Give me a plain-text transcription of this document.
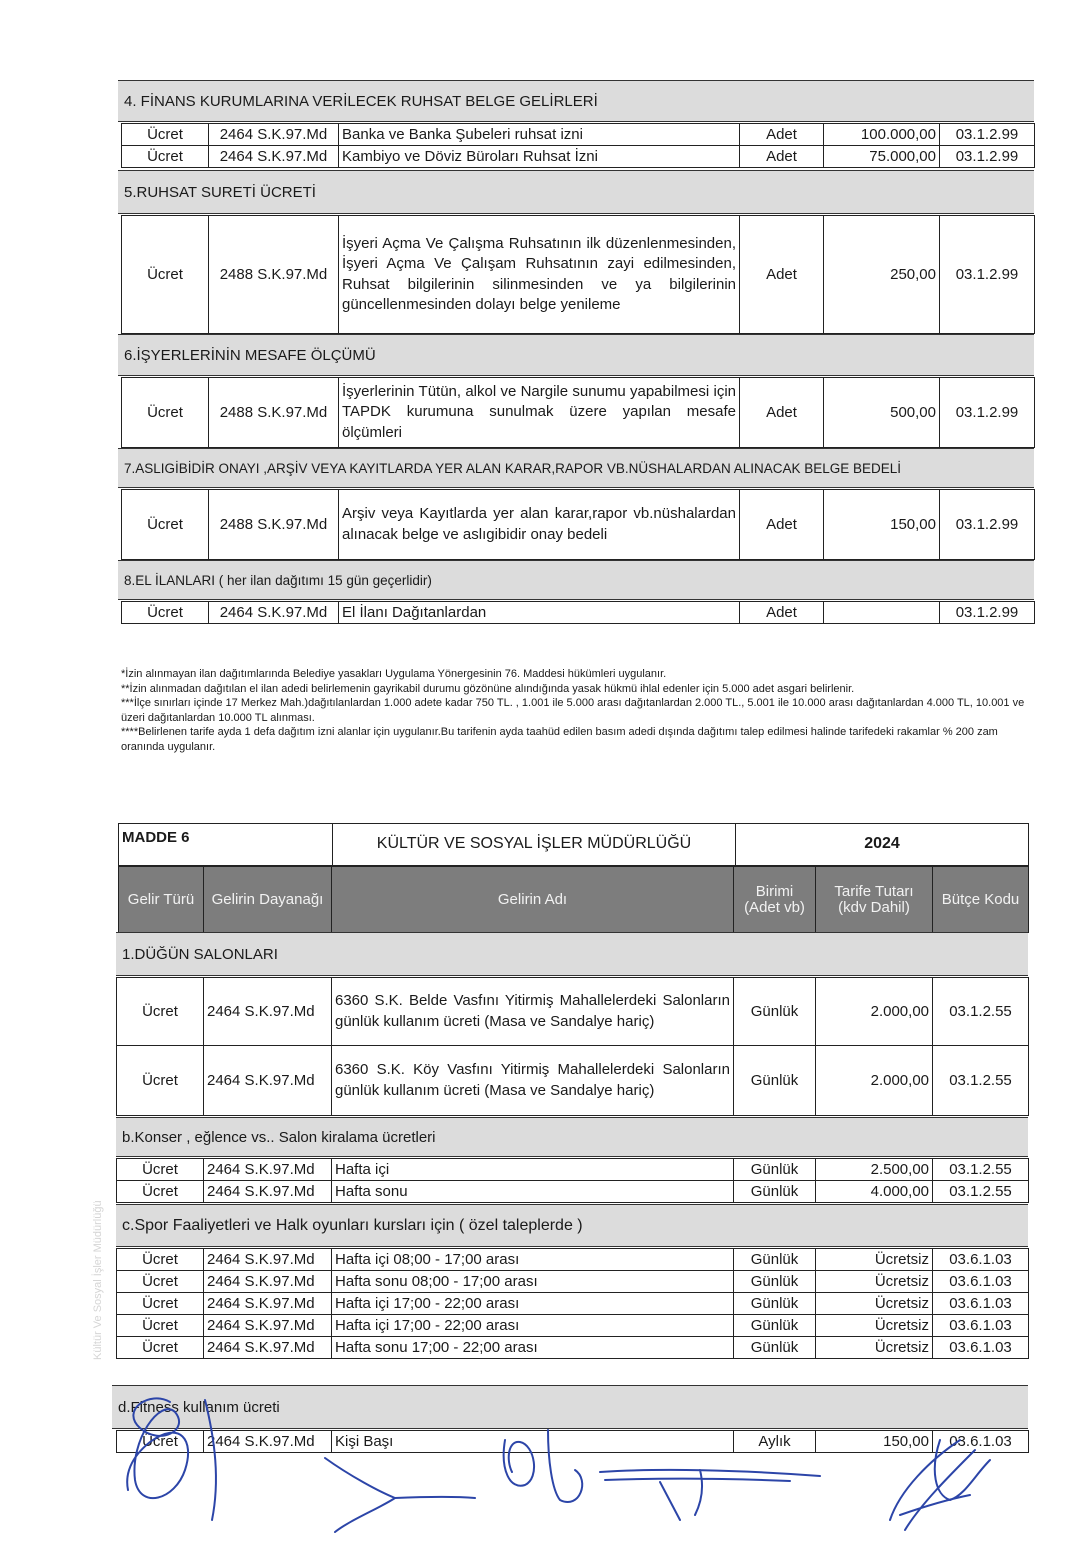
4. FİNANS KURUMLARINA VERİLECEK RUHSAT BELGE GELİRLERİ
Ücret	2464 S.K.97.Md	Banka ve Banka Şubeleri ruhsat izni	Adet	100.000,00	03.1.2.99
Ücret	2464 S.K.97.Md	Kambiyo ve Döviz Büroları Ruhsat İzni	Adet	75.000,00	03.1.2.99
5.RUHSAT SURETİ ÜCRETİ
Ücret	2488 S.K.97.Md	İşyeri Açma Ve Çalışma Ruhsatının ilk düzenlenmesinden, İşyeri Açma Ve Çalışam Ruhsatının zayi edilmesinden, Ruhsat bilgilerinin silinmesinden ve ya bilgilerinin güncellenmesinden dolayı belge yenileme	Adet	250,00	03.1.2.99
6.İŞYERLERİNİN MESAFE ÖLÇÜMÜ
Ücret	2488 S.K.97.Md	İşyerlerinin Tütün, alkol ve Nargile sunumu yapabilmesi için TAPDK kurumuna sunulmak üzere yapılan mesafe ölçümleri	Adet	500,00	03.1.2.99
7.ASLIGİBİDİR ONAYI ,ARŞİV VEYA KAYITLARDA YER ALAN KARAR,RAPOR VB.NÜSHALARDAN ALINACAK BELGE BEDELİ
Ücret	2488 S.K.97.Md	Arşiv veya Kayıtlarda yer alan karar,rapor vb.nüshalardan alınacak belge ve aslıgibidir onay bedeli	Adet	150,00	03.1.2.99
8.EL İLANLARI ( her ilan dağıtımı 15 gün geçerlidir)
Ücret	2464 S.K.97.Md	El İlanı Dağıtanlardan	Adet		03.1.2.99

*İzin alınmayan ilan dağıtımlarında Belediye yasakları Uygulama Yönergesinin 76. Maddesi hükümleri uygulanır.

**İzin alınmadan dağıtılan el ilan adedi belirlemenin gayrikabil durumu gözönüne alındığında yasak hükmü ihlal edenler için 5.000 adet asgari belirlenir.

***İlçe sınırları içinde 17 Merkez Mah.)dağıtılanlardan 1.000 adete kadar 750 TL. , 1.001 ile 5.000 arası dağıtanlardan 2.000 TL., 5.001 ile 10.000 arası dağıtanlardan 4.000 TL, 10.001 ve üzeri dağıtanlardan 10.000 TL alınması.

****Belirlenen tarife ayda 1 defa dağıtım izni alanlar için uygulanır.Bu tarifenin ayda taahüd edilen basım adedi dışında dağıtımı talep edilmesi halinde tarifedeki rakamlar % 200 zam oranında uygulanır.

MADDE 6	KÜLTÜR VE SOSYAL İŞLER MÜDÜRLÜĞÜ	2024
Gelir Türü	Gelirin Dayanağı	Gelirin Adı	Birimi (Adet vb)	Tarife Tutarı (kdv Dahil)	Bütçe Kodu
1.DÜĞÜN SALONLARI
Ücret	2464 S.K.97.Md	6360 S.K. Belde Vasfını Yitirmiş Mahallelerdeki Salonların günlük kullanım ücreti (Masa ve Sandalye hariç)	Günlük	2.000,00	03.1.2.55
Ücret	2464 S.K.97.Md	6360 S.K. Köy Vasfını Yitirmiş Mahallelerdeki Salonların günlük kullanım ücreti (Masa ve Sandalye hariç)	Günlük	2.000,00	03.1.2.55
b.Konser , eğlence vs.. Salon kiralama ücretleri
Ücret	2464 S.K.97.Md	Hafta içi	Günlük	2.500,00	03.1.2.55
Ücret	2464 S.K.97.Md	Hafta sonu	Günlük	4.000,00	03.1.2.55
c.Spor Faaliyetleri ve Halk oyunları kursları için ( özel taleplerde )
Ücret	2464 S.K.97.Md	Hafta içi 08;00 - 17;00 arası	Günlük	Ücretsiz	03.6.1.03
Ücret	2464 S.K.97.Md	Hafta sonu 08;00 - 17;00 arası	Günlük	Ücretsiz	03.6.1.03
Ücret	2464 S.K.97.Md	Hafta içi 17;00 - 22;00 arası	Günlük	Ücretsiz	03.6.1.03
Ücret	2464 S.K.97.Md	Hafta içi 17;00 - 22;00 arası	Günlük	Ücretsiz	03.6.1.03
Ücret	2464 S.K.97.Md	Hafta sonu 17;00 - 22;00 arası	Günlük	Ücretsiz	03.6.1.03
d.Fitness kullanım ücreti
Ücret	2464 S.K.97.Md	Kişi Başı	Aylık	150,00	03.6.1.03
Kültür Ve Sosyal İşler Müdürlüğü
